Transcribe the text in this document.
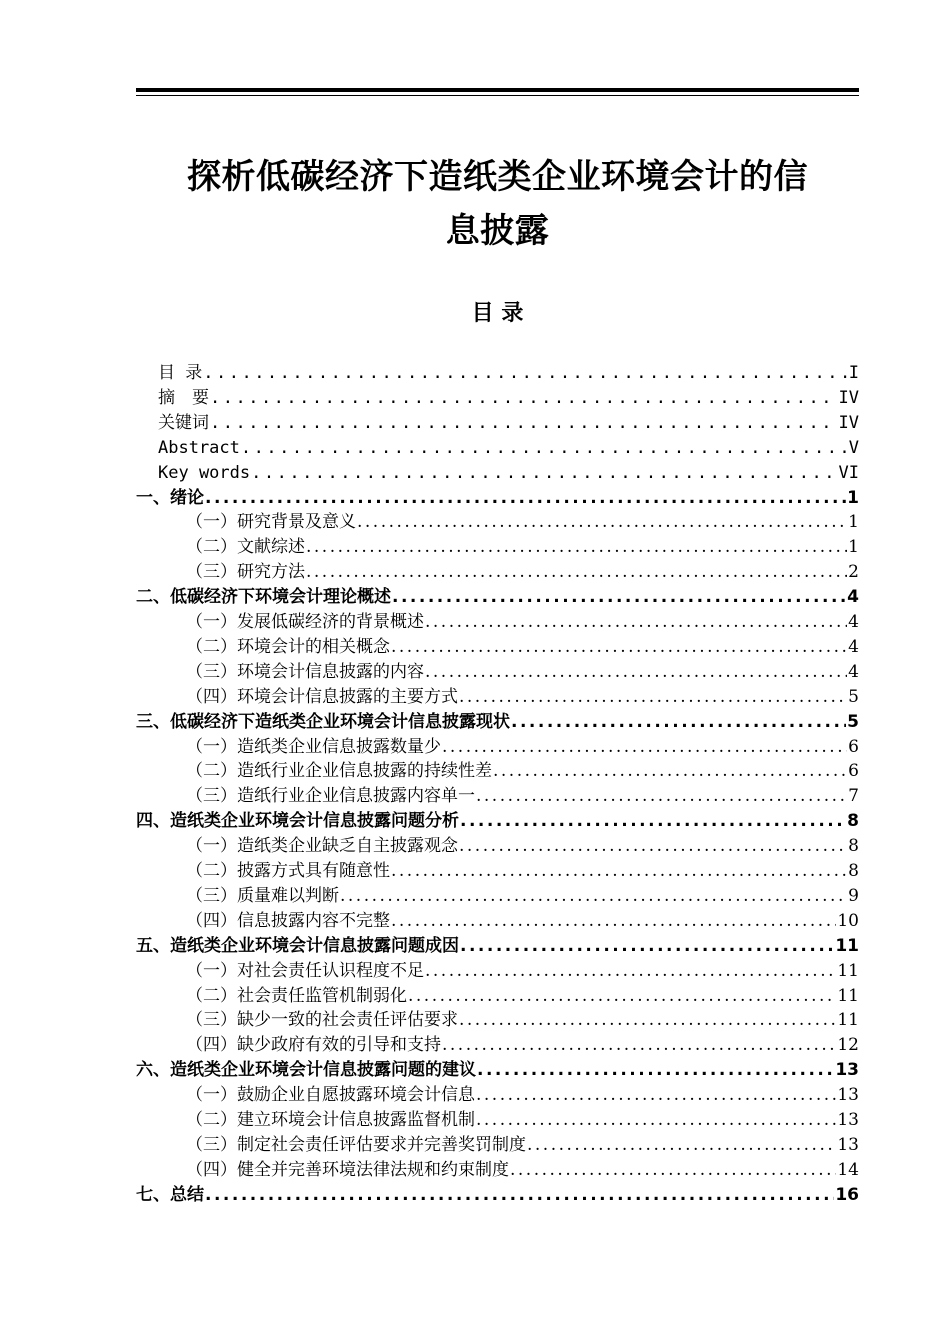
探析低碳经济下造纸类企业环境会计的信
息披露
目 录
目 录 .....	I
摘　要 .....	IV
关键词 .....	IV
Abstract .....	V
Key words .....	VI
一、绪论 .....	1
（一）研究背景及意义 .....	1
（二）文献综述 .....	1
（三）研究方法 .....	2
二、低碳经济下环境会计理论概述 .....	4
（一）发展低碳经济的背景概述 .....	4
（二）环境会计的相关概念 .....	4
（三）环境会计信息披露的内容 .....	4
（四）环境会计信息披露的主要方式 .....	5
三、低碳经济下造纸类企业环境会计信息披露现状 .....	5
（一）造纸类企业信息披露数量少 .....	6
（二）造纸行业企业信息披露的持续性差 .....	6
（三）造纸行业企业信息披露内容单一 .....	7
四、造纸类企业环境会计信息披露问题分析 .....	8
（一）造纸类企业缺乏自主披露观念 .....	8
（二）披露方式具有随意性 .....	8
（三）质量难以判断 .....	9
（四）信息披露内容不完整 .....	10
五、造纸类企业环境会计信息披露问题成因 .....	11
（一）对社会责任认识程度不足 .....	11
（二）社会责任监管机制弱化 .....	11
（三）缺少一致的社会责任评估要求 .....	11
（四）缺少政府有效的引导和支持 .....	12
六、造纸类企业环境会计信息披露问题的建议 .....	13
（一）鼓励企业自愿披露环境会计信息 .....	13
（二）建立环境会计信息披露监督机制 .....	13
（三）制定社会责任评估要求并完善奖罚制度 .....	13
（四）健全并完善环境法律法规和约束制度 .....	14
七、总结 .....	16
